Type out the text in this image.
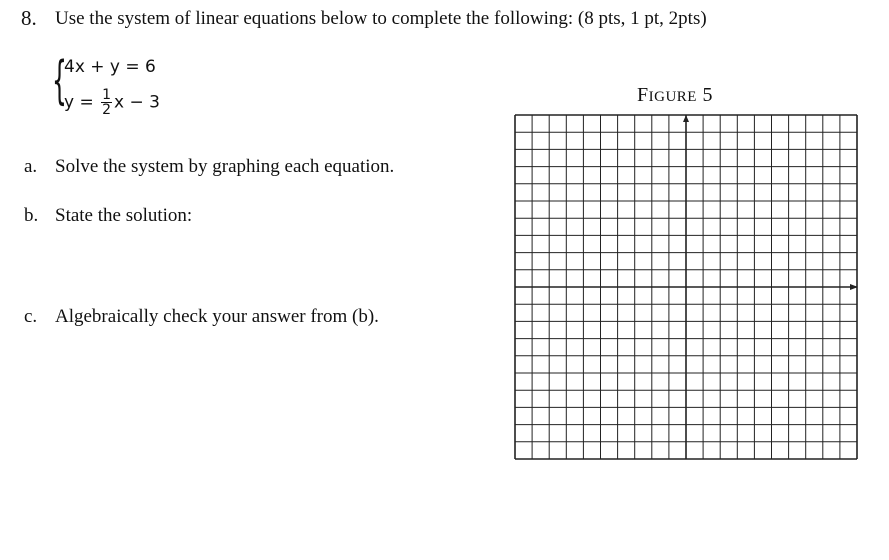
8. Use the system of linear equations below to complete the following: (8 pts, 1 pt, 2pts)
{
4x + y = 6
$y = \frac{1}{2}$ x − 3
a. Solve the system by graphing each equation.
b. State the solution:
c. Algebraically check your answer from (b).
FIGURE 5
